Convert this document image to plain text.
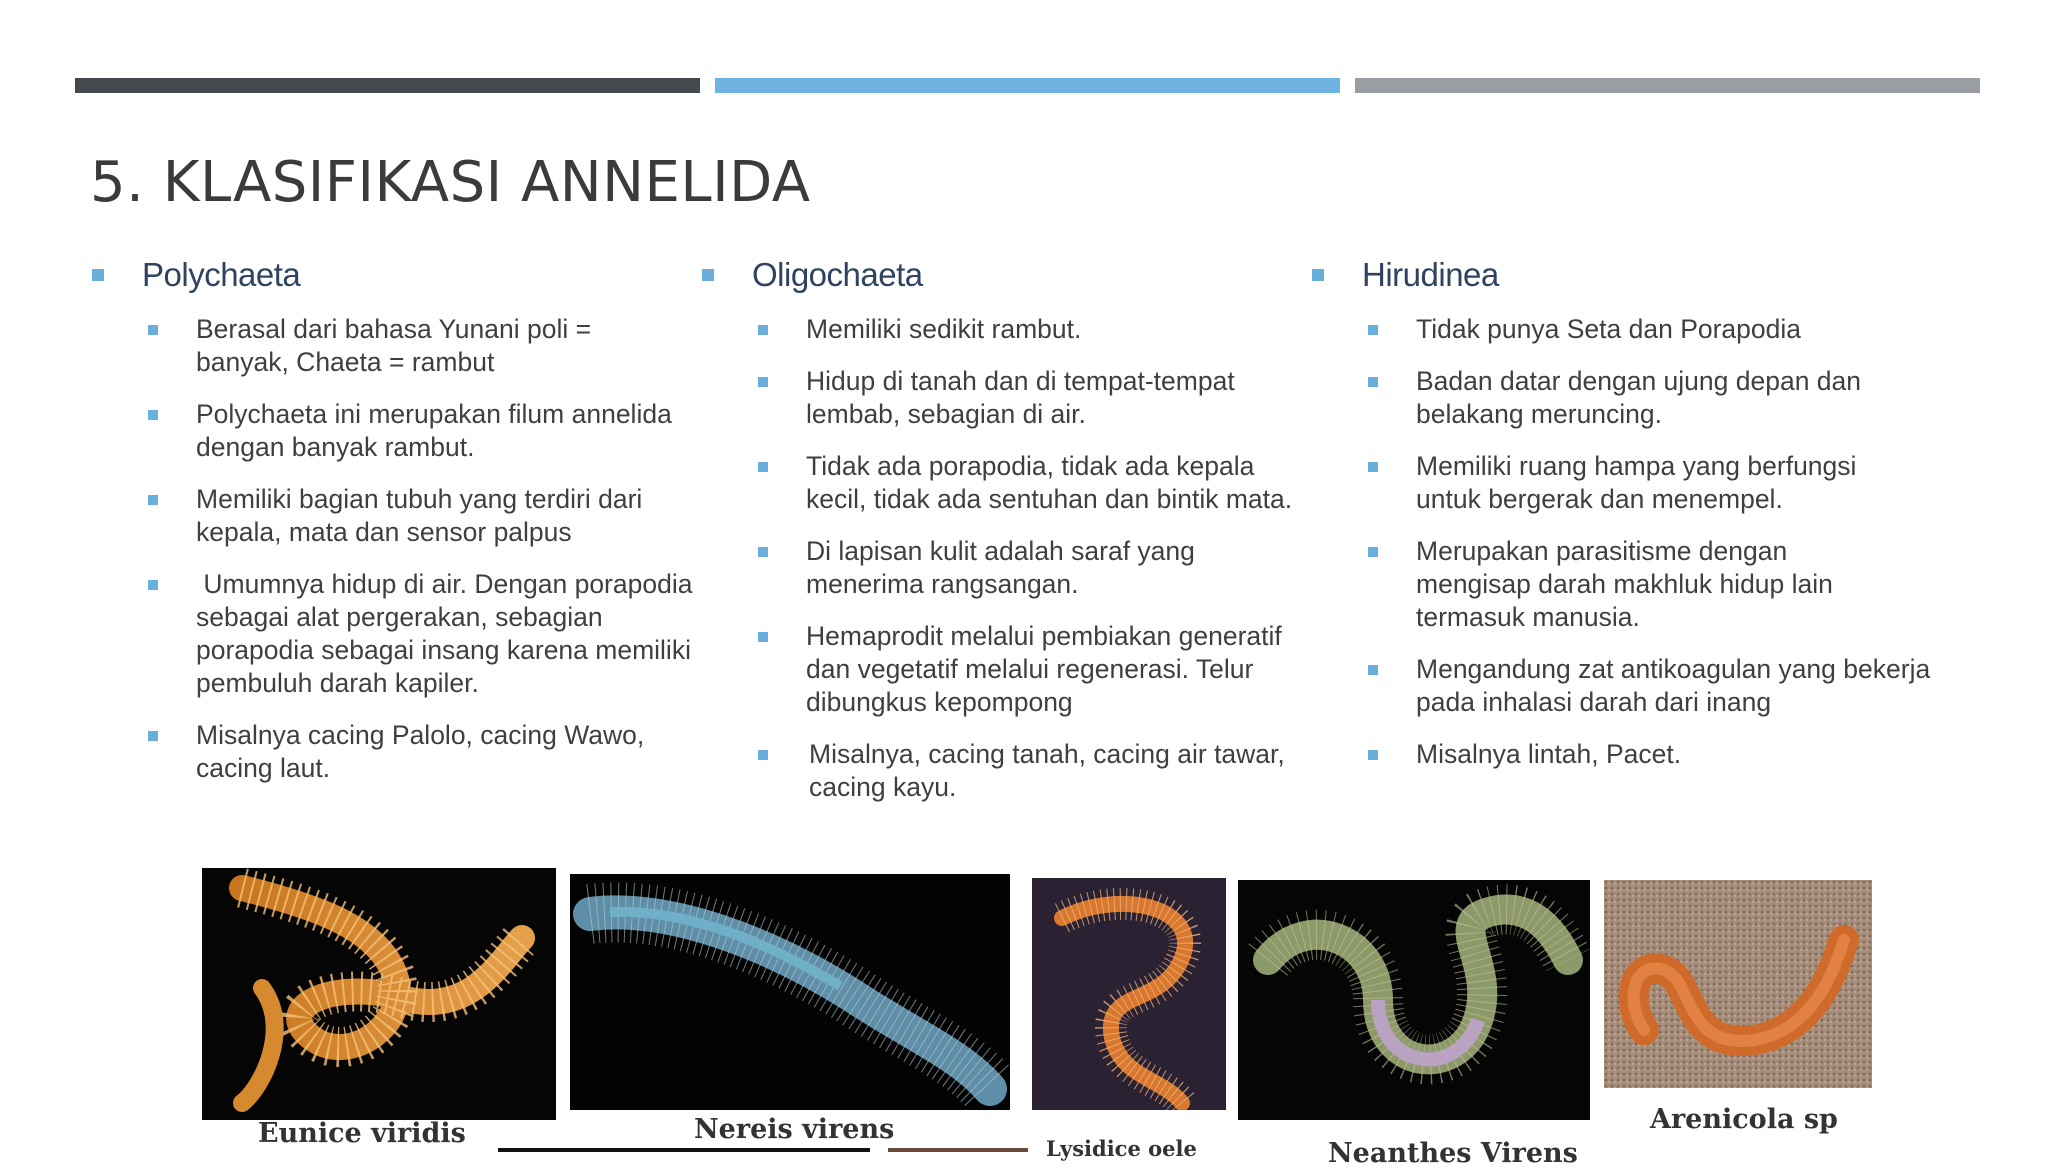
5. KLASIFIKASI ANNELIDA
Polychaeta
Berasal dari bahasa Yunani poli = banyak, Chaeta = rambut
Polychaeta ini merupakan filum annelida dengan banyak rambut.
Memiliki bagian tubuh yang terdiri dari kepala, mata dan sensor palpus
Umumnya hidup di air. Dengan porapodia sebagai alat pergerakan, sebagian porapodia sebagai insang karena memiliki pembuluh darah kapiler.
Misalnya cacing Palolo, cacing Wawo, cacing laut.
Oligochaeta
Memiliki sedikit rambut.
Hidup di tanah dan di tempat-tempat lembab, sebagian di air.
Tidak ada porapodia, tidak ada kepala kecil, tidak ada sentuhan dan bintik mata.
Di lapisan kulit adalah saraf yang menerima rangsangan.
Hemaprodit melalui pembiakan generatif dan vegetatif melalui regenerasi. Telur dibungkus kepompong
Misalnya, cacing tanah, cacing air tawar, cacing kayu.
Hirudinea
Tidak punya Seta dan Porapodia
Badan datar dengan ujung depan dan belakang meruncing.
Memiliki ruang hampa yang berfungsi untuk bergerak dan menempel.
Merupakan parasitisme dengan mengisap darah makhluk hidup lain termasuk manusia.
Mengandung zat antikoagulan yang bekerja pada inhalasi darah dari inang
Misalnya lintah, Pacet.
Eunice viridis	Nereis virens
Lysidice oele	Neanthes Virens
Arenicola sp
